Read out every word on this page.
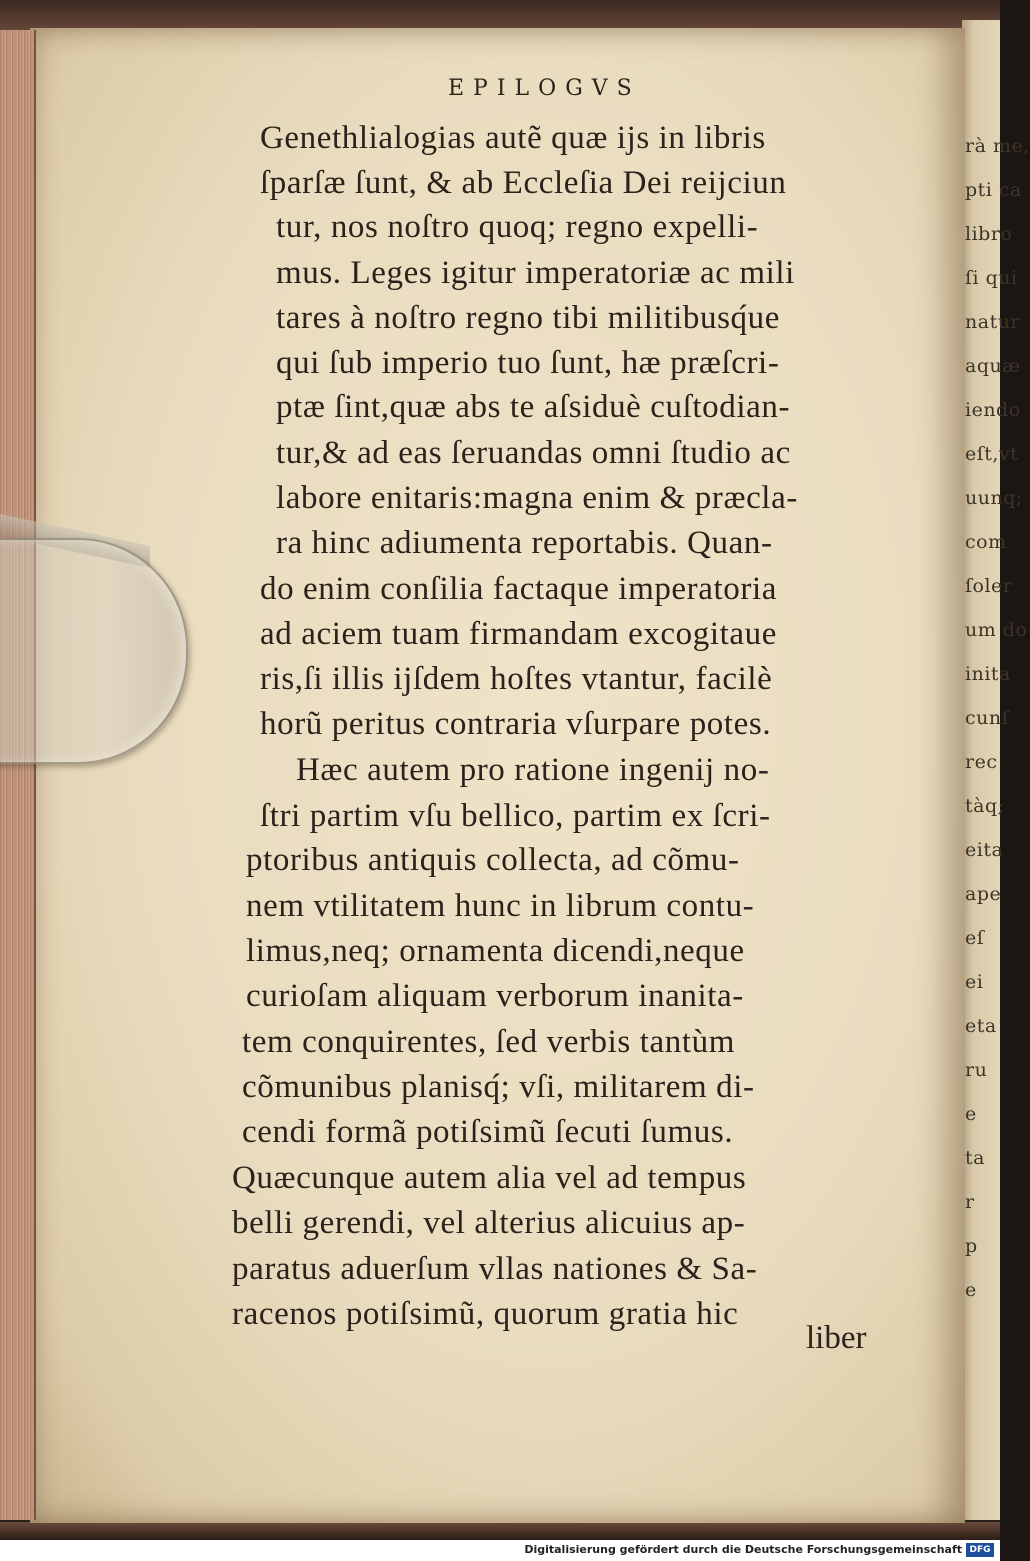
rà me,
pti ca
libro
ſi qui
natur
aquæ
iendo
eſt,vt
uunq;
com
ſoler
um do
inita
cunſ
rec
tàq;
eita
ape
eſ
ei
eta
ru
e
ta
r
p
e
EPILOGVS
Genethlialogias autẽ quæ ijs in libris
ſparſæ ſunt, & ab Eccleſia Dei reijciun
tur, nos noſtro quoq; regno expelli-
mus. Leges igitur imperatoriæ ac mili
tares à noſtro regno tibi militibusq́ue
qui ſub imperio tuo ſunt, hæ præſcri-
ptæ ſint,quæ abs te aſsiduè cuſtodian-
tur,& ad eas ſeruandas omni ſtudio ac
labore enitaris:magna enim & præcla-
ra hinc adiumenta reportabis. Quan-
do enim conſilia factaque imperatoria
ad aciem tuam firmandam excogitaue
ris,ſi illis ijſdem hoſtes vtantur, facilè
horũ peritus contraria vſurpare potes.
Hæc autem pro ratione ingenij no-
ſtri partim vſu bellico, partim ex ſcri-
ptoribus antiquis collecta, ad cõmu-
nem vtilitatem hunc in librum contu-
limus,neq; ornamenta dicendi,neque
curioſam aliquam verborum inanita-
tem conquirentes, ſed verbis tantùm
cõmunibus planisq́; vſi, militarem di-
cendi formã potiſsimũ ſecuti ſumus.
Quæcunque autem alia vel ad tempus
belli gerendi, vel alterius alicuius ap-
paratus aduerſum vllas nationes & Sa-
racenos potiſsimũ, quorum gratia hic
liber
Digitalisierung gefördert durch die Deutsche Forschungsgemeinschaft DFG
